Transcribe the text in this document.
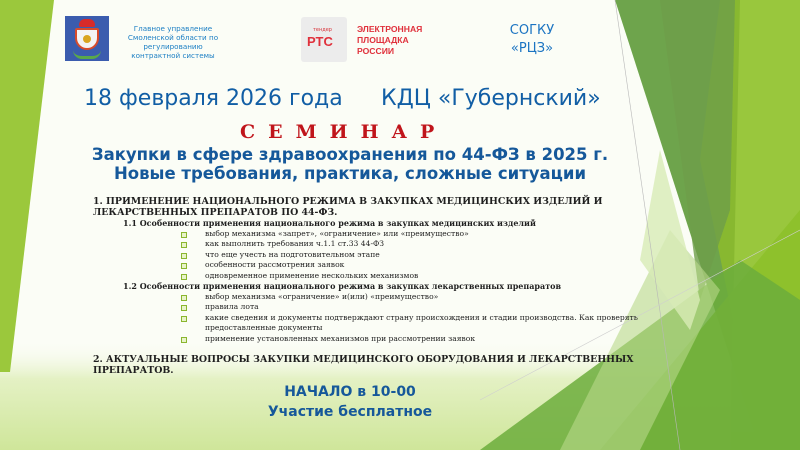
Главное управление
Смоленской области по
регулированию
контрактной системы
тендер
РТС
ЭЛЕКТРОННАЯ
ПЛОЩАДКА
РОССИИ
СОГКУ
«РЦЗ»
18 февраля 2026 года КДЦ «Губернский»
СЕМИНАР
Закупки в сфере здравоохранения по 44-ФЗ в 2025 г.
Новые требования, практика, сложные ситуации
1. ПРИМЕНЕНИЕ НАЦИОНАЛЬНОГО РЕЖИМА В ЗАКУПКАХ МЕДИЦИНСКИХ ИЗДЕЛИЙ И
ЛЕКАРСТВЕННЫХ ПРЕПАРАТОВ ПО 44-ФЗ.
1.1 Особенности применения национального режима в закупках медицинских изделий
выбор механизма «запрет», «ограничение» или «преимущество»
как выполнить требования ч.1.1 ст.33 44-ФЗ
что еще учесть на подготовительном этапе
особенности рассмотрения заявок
одновременное применение нескольких механизмов
1.2 Особенности применения национального режима в закупках лекарственных препаратов
выбор механизма «ограничение» и(или) «преимущество»
правила лота
какие сведения и документы подтверждают страну происхождения и стадии производства. Как проверять предоставленные документы
применение установленных механизмов при рассмотрении заявок
2. АКТУАЛЬНЫЕ ВОПРОСЫ ЗАКУПКИ МЕДИЦИНСКОГО ОБОРУДОВАНИЯ И ЛЕКАРСТВЕННЫХ
ПРЕПАРАТОВ.
НАЧАЛО в 10-00
Участие бесплатное
